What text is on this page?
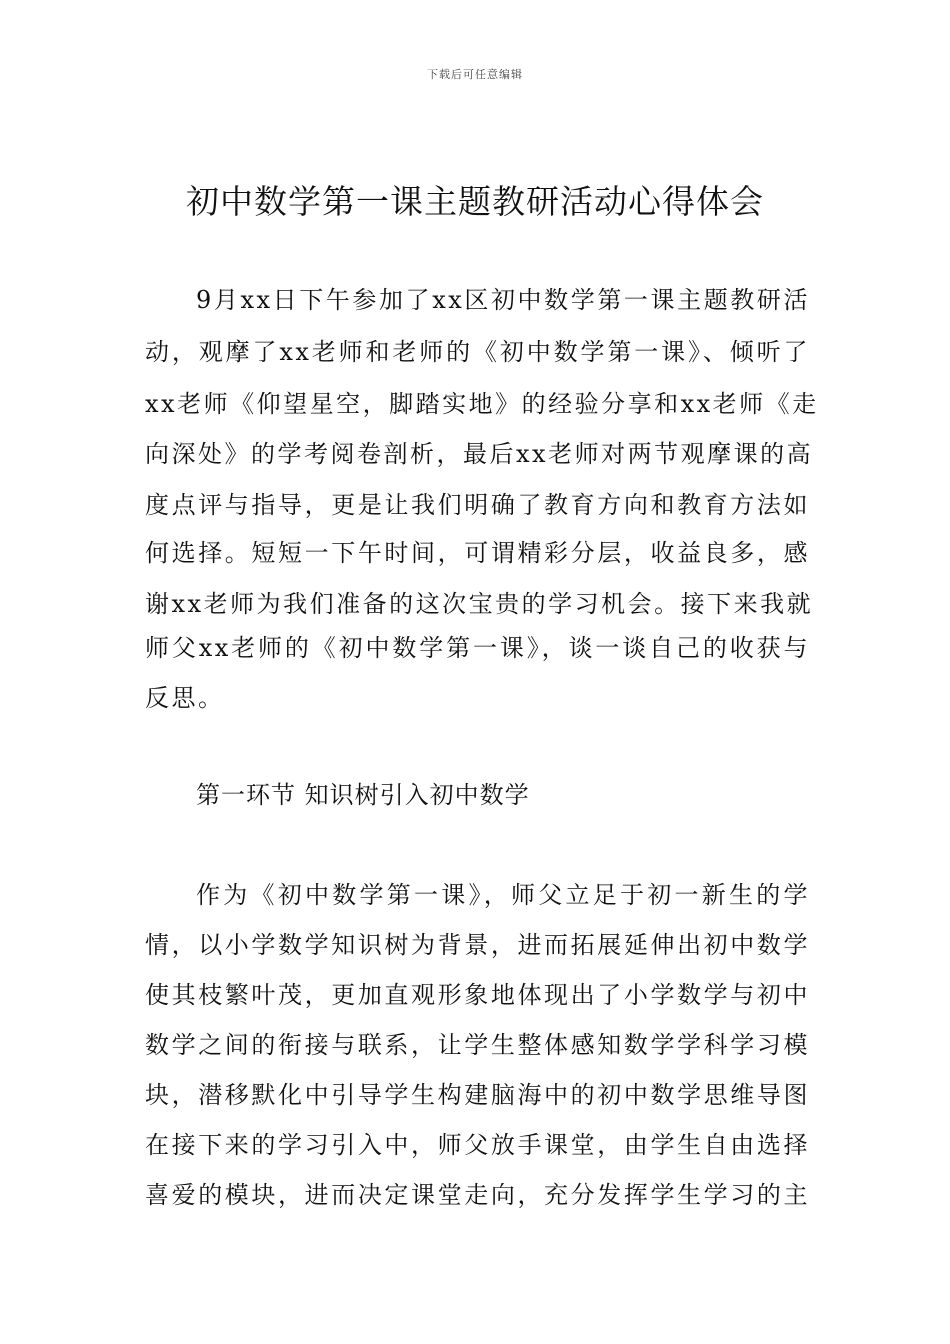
下载后可任意编辑
初中数学第一课主题教研活动心得体会
9月xx日下午参加了xx区初中数学第一课主题教研活
动，观摩了xx老师和老师的《初中数学第一课》、倾听了
xx老师《仰望星空，脚踏实地》的经验分享和xx老师《走
向深处》的学考阅卷剖析，最后xx老师对两节观摩课的高
度点评与指导，更是让我们明确了教育方向和教育方法如
何选择。短短一下午时间，可谓精彩分层，收益良多，感
谢xx老师为我们准备的这次宝贵的学习机会。接下来我就
师父xx老师的《初中数学第一课》，谈一谈自己的收获与
反思。
第一环节 知识树引入初中数学
作为《初中数学第一课》，师父立足于初一新生的学
情，以小学数学知识树为背景，进而拓展延伸出初中数学
使其枝繁叶茂，更加直观形象地体现出了小学数学与初中
数学之间的衔接与联系，让学生整体感知数学学科学习模
块，潜移默化中引导学生构建脑海中的初中数学思维导图
在接下来的学习引入中，师父放手课堂，由学生自由选择
喜爱的模块，进而决定课堂走向，充分发挥学生学习的主
